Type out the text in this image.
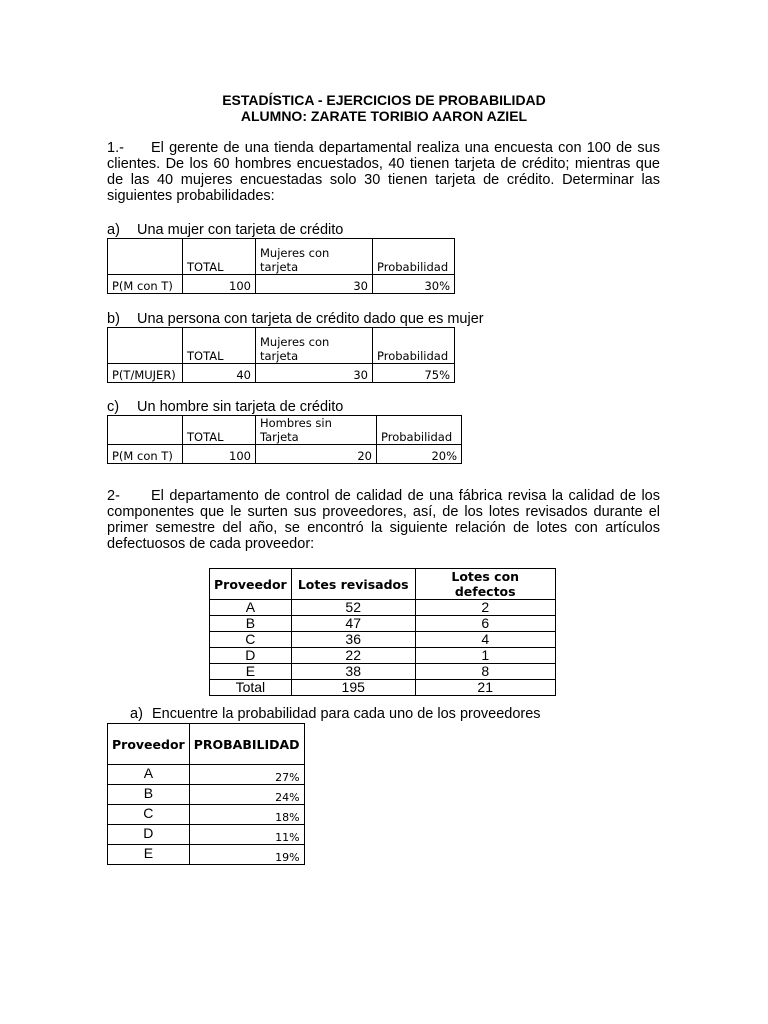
ESTADÍSTICA - EJERCICIOS DE PROBABILIDAD
ALUMNO: ZARATE TORIBIO AARON AZIEL
1.- El gerente de una tienda departamental realiza una encuesta con 100 de sus clientes. De los 60 hombres encuestados, 40 tienen tarjeta de crédito; mientras que de las 40 mujeres encuestadas solo 30 tienen tarjeta de crédito. Determinar las siguientes probabilidades:
a) Una mujer con tarjeta de crédito
	TOTAL	Mujeres con tarjeta	Probabilidad
P(M con T)	100	30	30%
b) Una persona con tarjeta de crédito dado que es mujer
	TOTAL	Mujeres con tarjeta	Probabilidad
P(T/MUJER)	40	30	75%
c) Un hombre sin tarjeta de crédito
	TOTAL	Hombres sin Tarjeta	Probabilidad
P(M con T)	100	20	20%
2- El departamento de control de calidad de una fábrica revisa la calidad de los componentes que le surten sus proveedores, así, de los lotes revisados durante el primer semestre del año, se encontró la siguiente relación de lotes con artículos defectuosos de cada proveedor:
Proveedor	Lotes revisados	Lotes con defectos
A	52	2
B	47	6
C	36	4
D	22	1
E	38	8
Total	195	21
a) Encuentre la probabilidad para cada uno de los proveedores
Proveedor	PROBABILIDAD
A	27%
B	24%
C	18%
D	11%
E	19%
